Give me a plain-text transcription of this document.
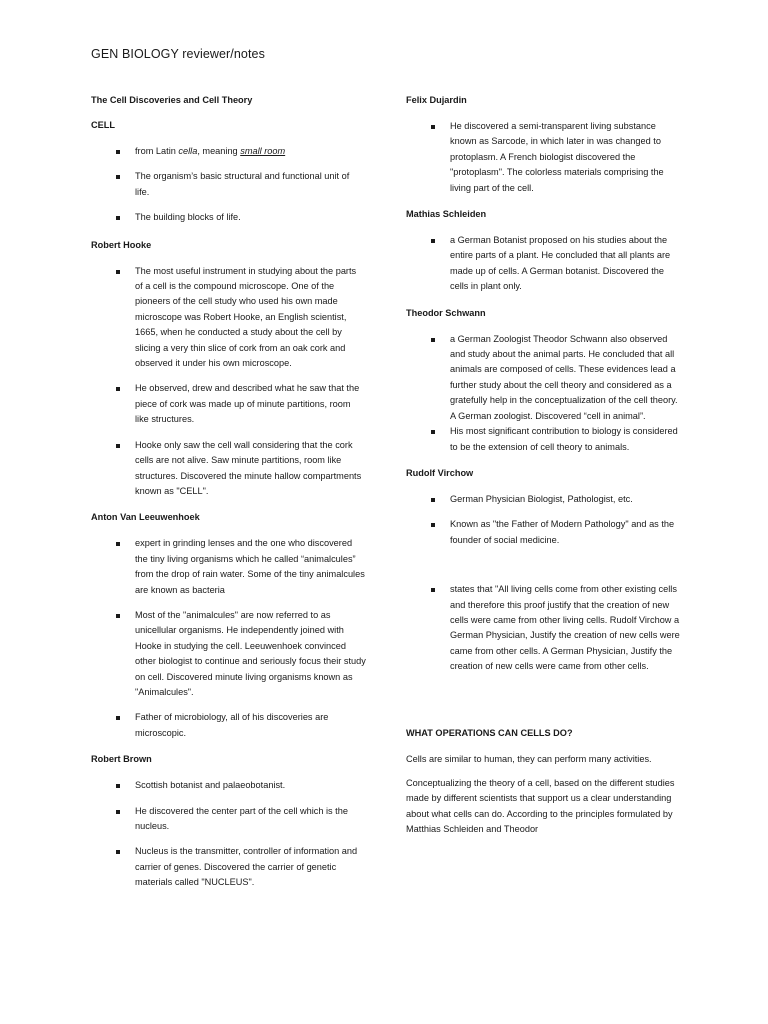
GEN BIOLOGY reviewer/notes
The Cell Discoveries and Cell Theory
CELL
from Latin cella, meaning small room
The organism’s basic structural and functional unit of life.
The building blocks of life.
Robert Hooke
The most useful instrument in studying about the parts of a cell is the compound microscope. One of the pioneers of the cell study who used his own made microscope was Robert Hooke, an English scientist, 1665, when he conducted a study about the cell by slicing a very thin slice of cork from an oak cork and observed it under his own microscope.
He observed, drew and described what he saw that the piece of cork was made up of minute partitions, room like structures.
Hooke only saw the cell wall considering that the cork cells are not alive. Saw minute partitions, room like structures. Discovered the minute hallow compartments known as "CELL".
Anton Van Leeuwenhoek
expert in grinding lenses and the one who discovered the tiny living organisms which he called “animalcules” from the drop of rain water. Some of the tiny animalcules are known as bacteria
Most of the "animalcules" are now referred to as unicellular organisms. He independently joined with Hooke in studying the cell. Leeuwenhoek convinced other biologist to continue and seriously focus their study on cell. Discovered minute living organisms known as "Animalcules".
Father of microbiology, all of his discoveries are microscopic.
Robert Brown
Scottish botanist and palaeobotanist.
He discovered the center part of the cell which is the nucleus.
Nucleus is the transmitter, controller of information and carrier of genes. Discovered the carrier of genetic materials called "NUCLEUS".
Felix Dujardin
He discovered a semi-transparent living substance known as Sarcode, in which later in was changed to protoplasm. A French biologist discovered the "protoplasm". The colorless materials comprising the living part of the cell.
Mathias Schleiden
a German Botanist proposed on his studies about the entire parts of a plant. He concluded that all plants are made up of cells. A German botanist. Discovered the cells in plant only.
Theodor Schwann
a German Zoologist Theodor Schwann also observed and study about the animal parts. He concluded that all animals are composed of cells. These evidences lead a further study about the cell theory and considered as a gratefully help in the conceptualization of the cell theory. A German zoologist. Discovered “cell in animal”.
His most significant contribution to biology is considered to be the extension of cell theory to animals.
Rudolf Virchow
German Physician Biologist, Pathologist, etc.
Known as "the Father of Modern Pathology" and as the founder of social medicine.
states that "All living cells come from other existing cells and therefore this proof justify that the creation of new cells were came from other living cells. Rudolf Virchow a German Physician, Justify the creation of new cells were came from other cells. A German Physician, Justify the creation of new cells were came from other cells.
WHAT OPERATIONS CAN CELLS DO?

Cells are similar to human, they can perform many activities.

Conceptualizing the theory of a cell, based on the different studies made by different scientists that support us a clear understanding about what cells can do. According to the principles formulated by Matthias Schleiden and Theodor
